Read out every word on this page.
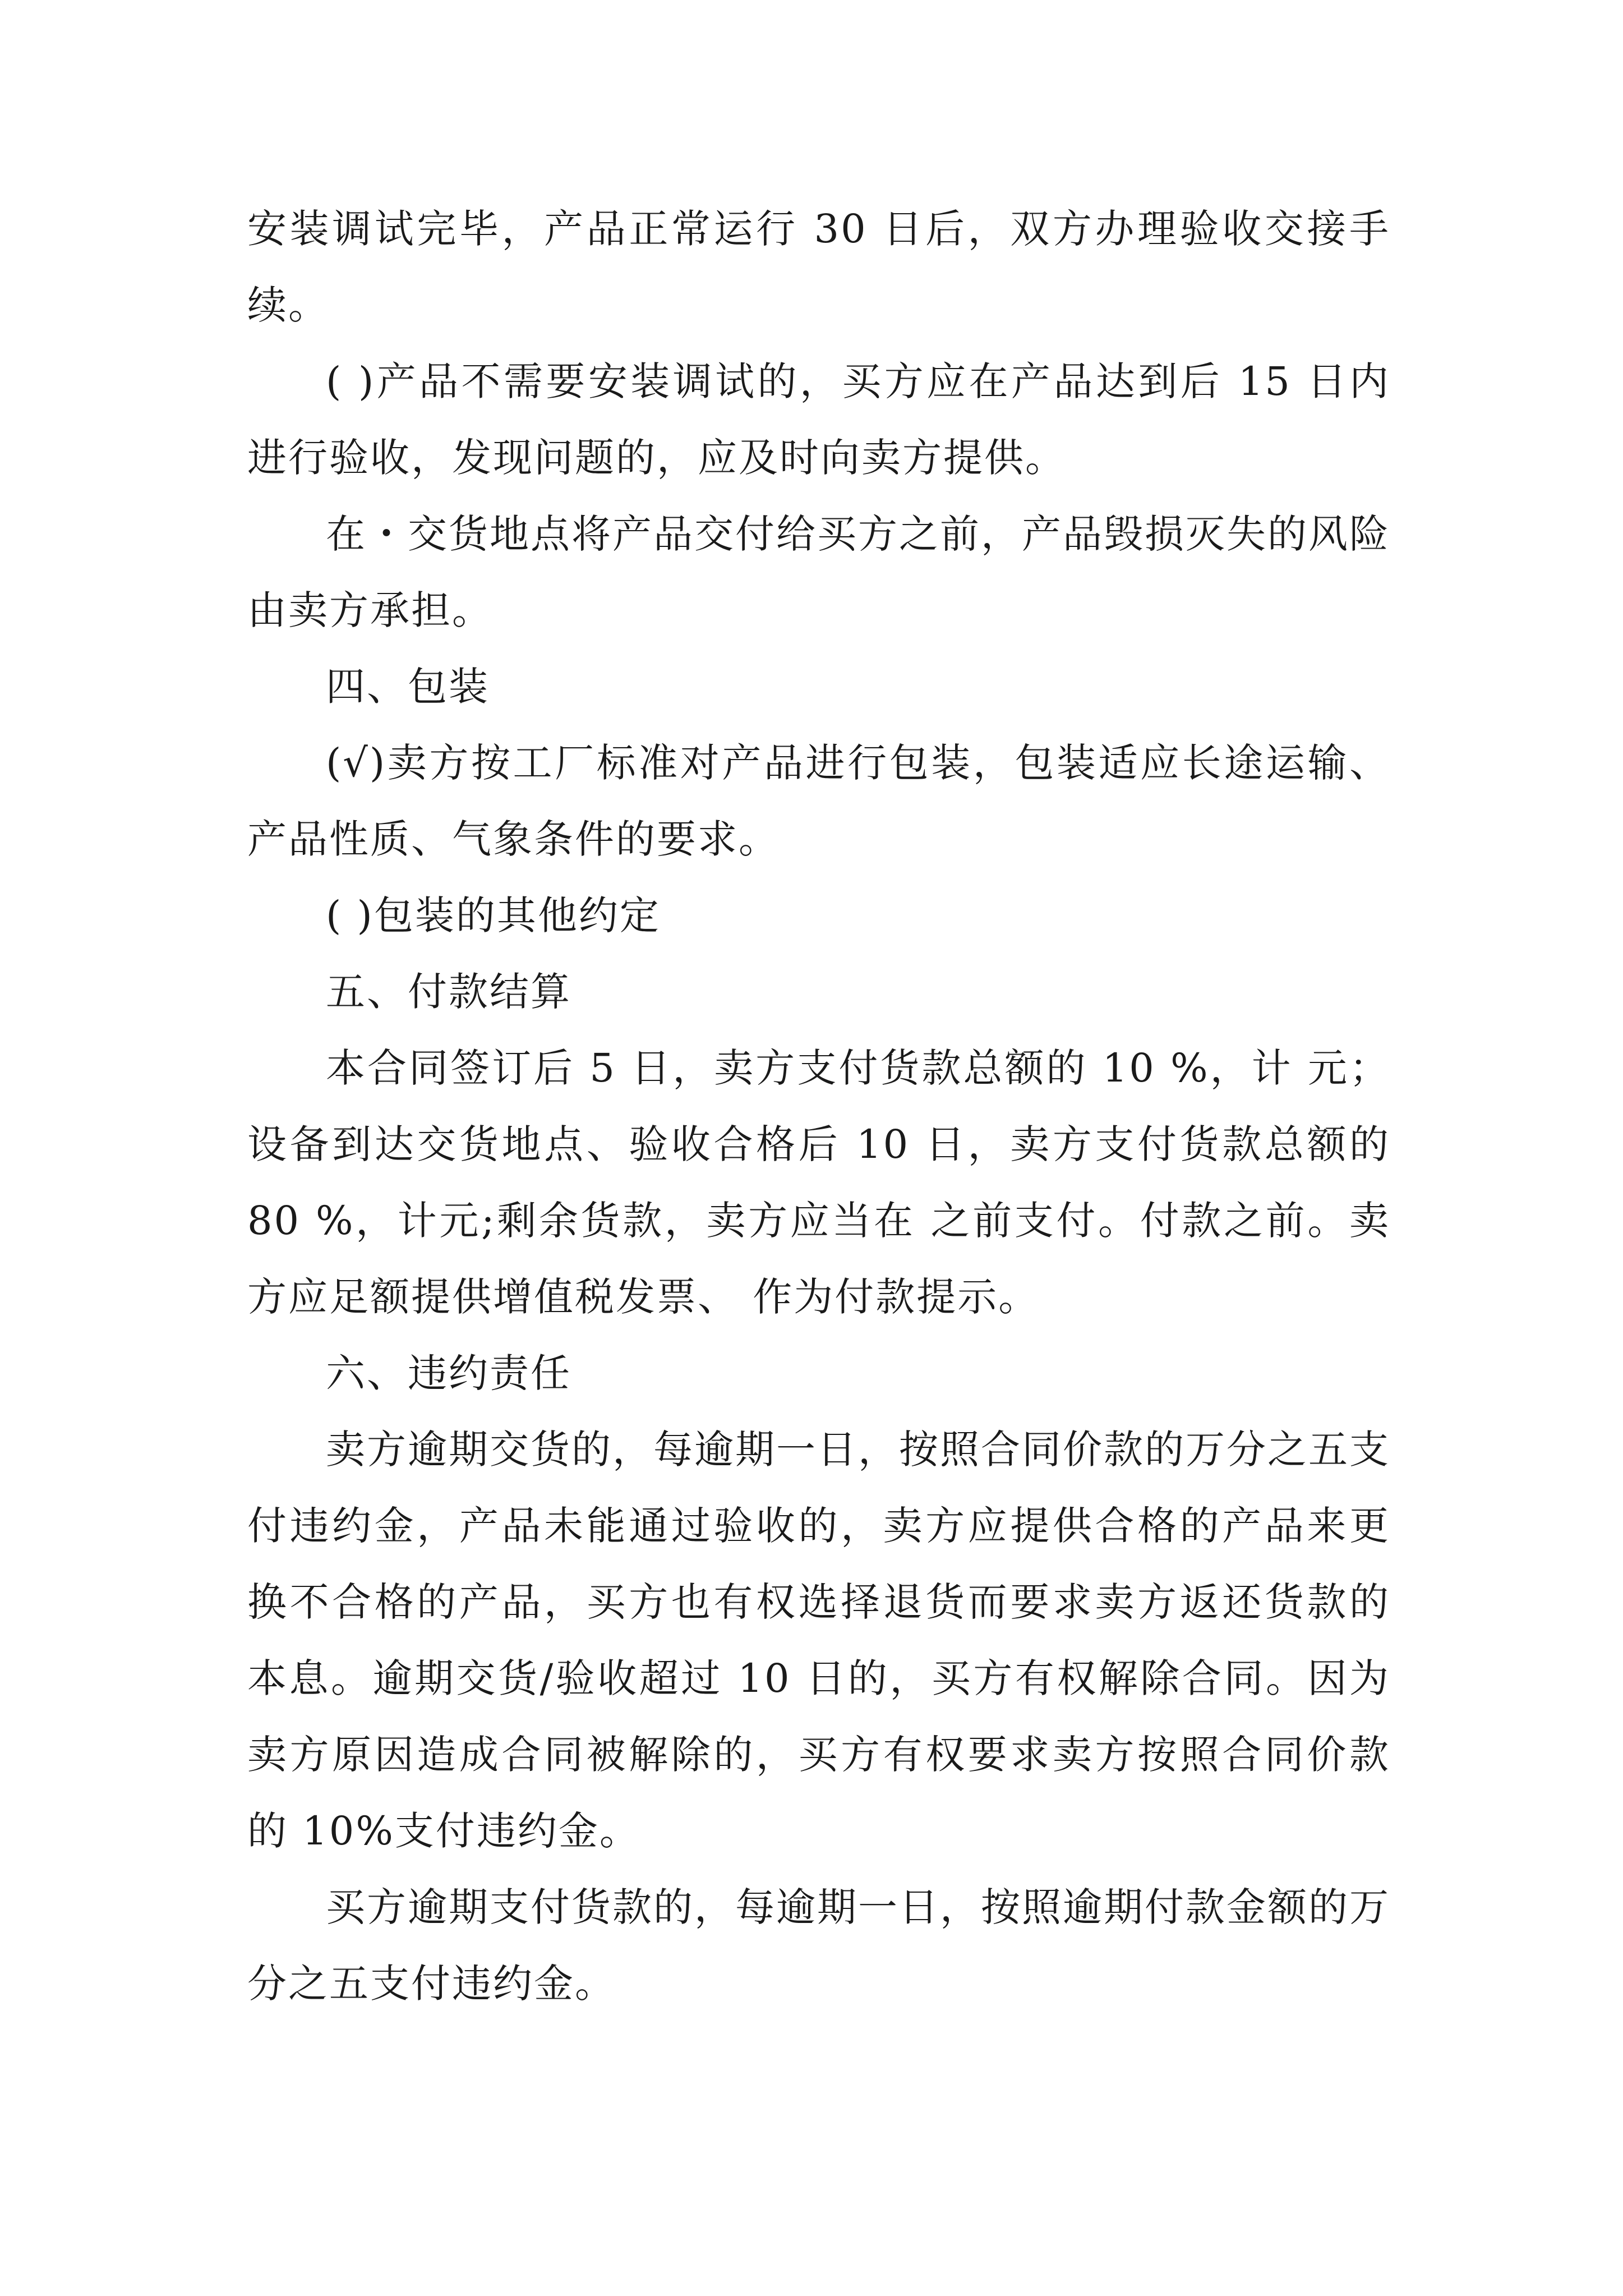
安装调试完毕，产品正常运行 30 日后，双方办理验收交接手续。

( )产品不需要安装调试的，买方应在产品达到后 15 日内进行验收，发现问题的，应及时向卖方提供。

在・交货地点将产品交付给买方之前，产品毁损灭失的风险由卖方承担。

四、包装

(√)卖方按工厂标准对产品进行包装，包装适应长途运输、产品性质、气象条件的要求。

( )包装的其他约定

五、付款结算

本合同签订后 5 日，卖方支付货款总额的 10 %，计 元；设备到达交货地点、验收合格后 10 日，卖方支付货款总额的 80 %，计元;剩余货款，卖方应当在 之前支付。付款之前。卖方应足额提供增值税发票、 作为付款提示。

六、违约责任

卖方逾期交货的，每逾期一日，按照合同价款的万分之五支付违约金，产品未能通过验收的，卖方应提供合格的产品来更换不合格的产品，买方也有权选择退货而要求卖方返还货款的本息。逾期交货/验收超过 10 日的，买方有权解除合同。因为卖方原因造成合同被解除的，买方有权要求卖方按照合同价款的 10%支付违约金。

买方逾期支付货款的，每逾期一日，按照逾期付款金额的万分之五支付违约金。
